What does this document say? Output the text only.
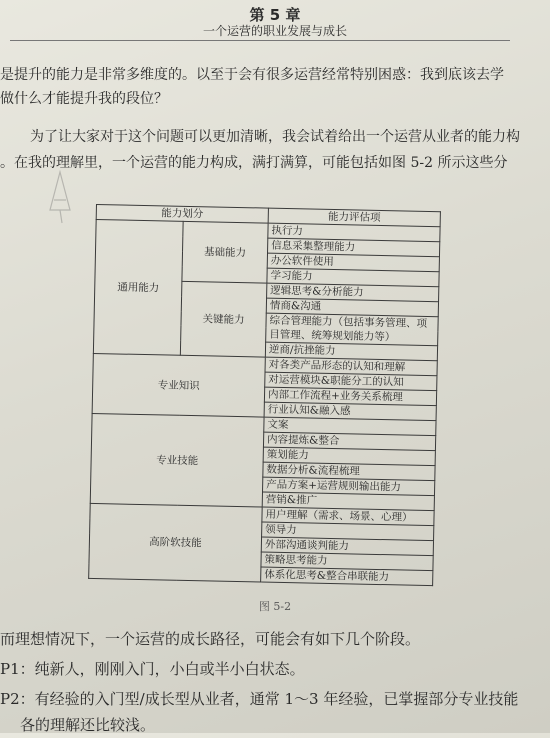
第 5 章
一个运营的职业发展与成长
是提升的能力是非常多维度的。以至于会有很多运营经常特别困惑：我到底该去学
做什么才能提升我的段位？
为了让大家对于这个问题可以更加清晰，我会试着给出一个运营从业者的能力构
。在我的理解里，一个运营的能力构成，满打满算，可能包括如图 5-2 所示这些分
能力划分		能力评估项
通用能力	基础能力	执行力
		信息采集整理能力
		办公软件使用
		学习能力
	关键能力	逻辑思考&分析能力
		情商&沟通
		综合管理能力（包括事务管理、项
		目管理、统筹规划能力等）
		逆商/抗挫能力
专业知识		对各类产品形态的认知和理解
		对运营模块&职能分工的认知
		内部工作流程+业务关系梳理
		行业认知&融入感
专业技能		文案
		内容提炼&整合
		策划能力
		数据分析&流程梳理
		产品方案+运营规则输出能力
		营销&推广
高阶软技能		用户理解（需求、场景、心理）
		领导力
		外部沟通谈判能力
		策略思考能力
		体系化思考&整合串联能力
图 5-2
而理想情况下，一个运营的成长路径，可能会有如下几个阶段。
P1：纯新人，刚刚入门，小白或半小白状态。
P2：有经验的入门型/成长型从业者，通常 1～3 年经验，已掌握部分专业技能
各的理解还比较浅。
